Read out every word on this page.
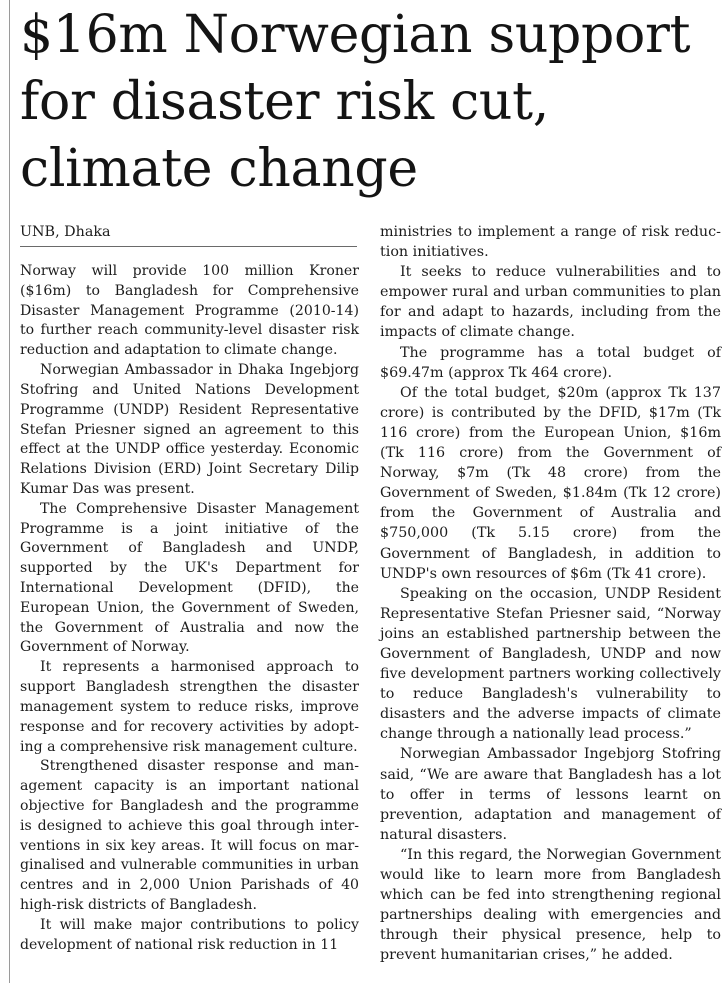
$16m Norwegian support
for disaster risk cut,
climate change
UNB, Dhaka

Norway will provide 100 million Kroner ($16m) to Bangladesh for Comprehensive Disaster Management Programme (2010-14) to further reach community-level disaster risk reduction and adaptation to climate change.

Norwegian Ambassador in Dhaka Ingebjorg Stofring and United Nations Development Programme (UNDP) Resident Representative Stefan Priesner signed an agreement to this effect at the UNDP office yesterday. Economic Relations Division (ERD) Joint Secretary Dilip Kumar Das was present.

The Comprehensive Disaster Management Programme is a joint initiative of the Government of Bangladesh and UNDP, supported by the UK's Department for International Development (DFID), the European Union, the Government of Sweden, the Government of Australia and now the Government of Norway.

It represents a harmonised approach to support Bangladesh strengthen the disaster management system to reduce risks, improve response and for recovery activities by adopting a comprehensive risk management culture.

Strengthened disaster response and management capacity is an important national objective for Bangladesh and the programme is designed to achieve this goal through interventions in six key areas. It will focus on marginalised and vulnerable communities in urban centres and in 2,000 Union Parishads of 40 high-risk districts of Bangladesh.

It will make major contributions to policy development of national risk reduction in 11

ministries to implement a range of risk reduction initiatives.

It seeks to reduce vulnerabilities and to empower rural and urban communities to plan for and adapt to hazards, including from the impacts of climate change.

The programme has a total budget of $69.47m (approx Tk 464 crore).

Of the total budget, $20m (approx Tk 137 crore) is contributed by the DFID, $17m (Tk 116 crore) from the European Union, $16m (Tk 116 crore) from the Government of Norway, $7m (Tk 48 crore) from the Government of Sweden, $1.84m (Tk 12 crore) from the Government of Australia and $750,000 (Tk 5.15 crore) from the Government of Bangladesh, in addition to UNDP's own resources of $6m (Tk 41 crore).

Speaking on the occasion, UNDP Resident Representative Stefan Priesner said, “Norway joins an established partnership between the Government of Bangladesh, UNDP and now five development partners working collectively to reduce Bangladesh's vulnerability to disasters and the adverse impacts of climate change through a nationally lead process.”

Norwegian Ambassador Ingebjorg Stofring said, “We are aware that Bangladesh has a lot to offer in terms of lessons learnt on prevention, adaptation and management of natural disasters.

“In this regard, the Norwegian Government would like to learn more from Bangladesh which can be fed into strengthening regional partnerships dealing with emergencies and through their physical presence, help to prevent humanitarian crises,” he added.
